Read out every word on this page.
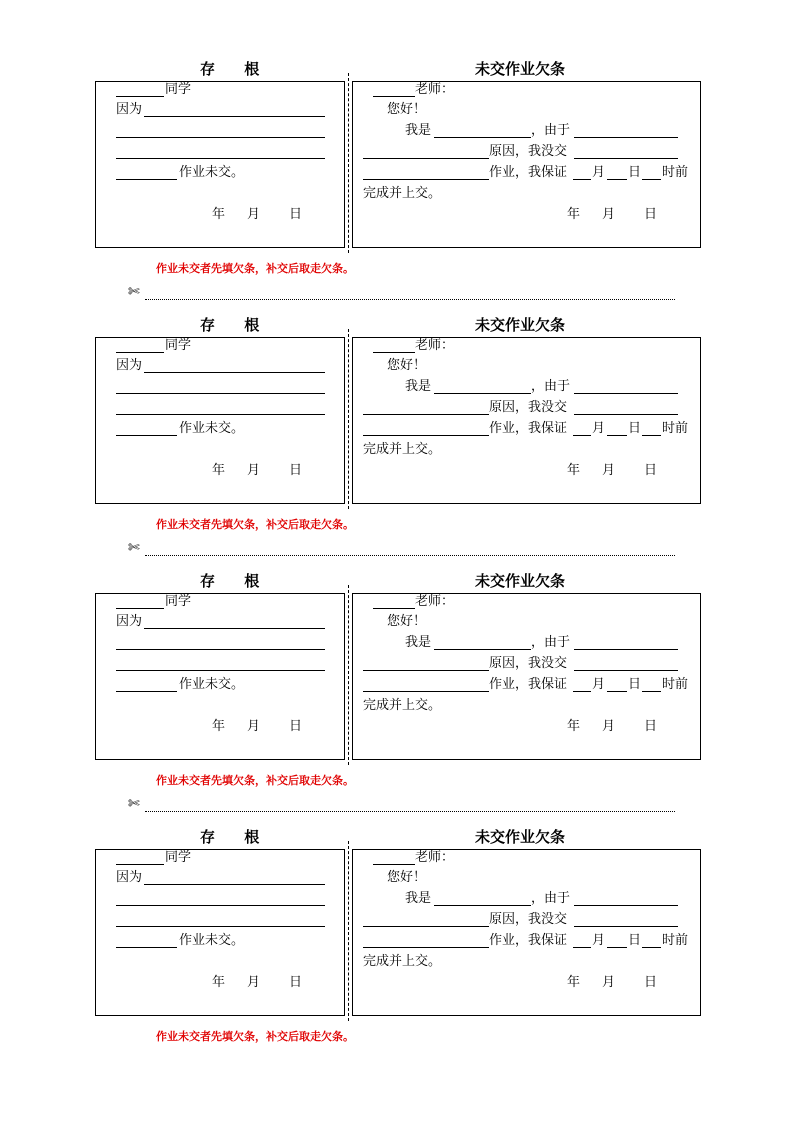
存 根	未交作业欠条
同学
因为
作业未交。
年 月 日
老师：
您好！
我是	，由于
原因，我没交
作业，我保证 月 日 时前
完成并上交。
年 月 日
作业未交者先填欠条，补交后取走欠条。
✄
存 根	未交作业欠条
同学
因为
作业未交。
年 月 日
老师：
您好！
我是	，由于
原因，我没交
作业，我保证 月 日 时前
完成并上交。
年 月 日
作业未交者先填欠条，补交后取走欠条。
✄
存 根	未交作业欠条
同学
因为
作业未交。
年 月 日
老师：
您好！
我是	，由于
原因，我没交
作业，我保证 月 日 时前
完成并上交。
年 月 日
作业未交者先填欠条，补交后取走欠条。
✄
存 根	未交作业欠条
同学
因为
作业未交。
年 月 日
老师：
您好！
我是	，由于
原因，我没交
作业，我保证 月 日 时前
完成并上交。
年 月 日
作业未交者先填欠条，补交后取走欠条。
